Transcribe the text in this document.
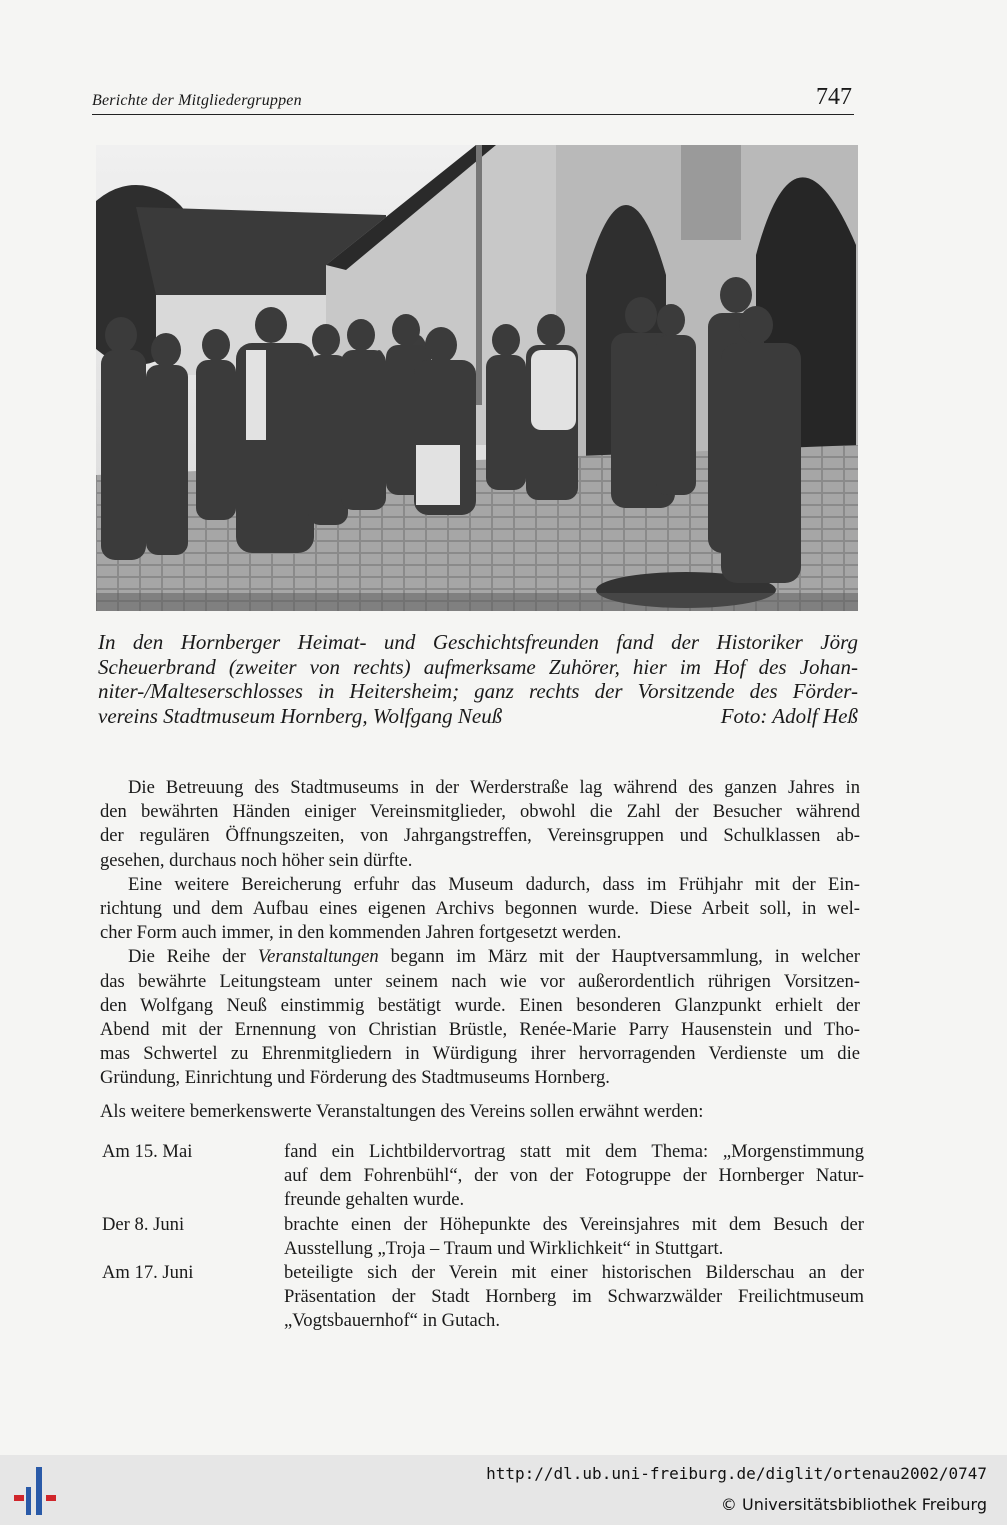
Berichte der Mitgliedergruppen	747
In den Hornberger Heimat- und Geschichtsfreunden fand der Historiker Jörg
Scheuerbrand (zweiter von rechts) aufmerksame Zuhörer, hier im Hof des Johan-
niter-/Malteserschlosses in Heitersheim; ganz rechts der Vorsitzende des Förder-
vereins Stadtmuseum Hornberg, Wolfgang Neuß	Foto: Adolf Heß

Die Betreuung des Stadtmuseums in der Werderstraße lag während des ganzen Jahres in
den bewährten Händen einiger Vereinsmitglieder, obwohl die Zahl der Besucher während
der regulären Öffnungszeiten, von Jahrgangstreffen, Vereinsgruppen und Schulklassen ab-
gesehen, durchaus noch höher sein dürfte.

Eine weitere Bereicherung erfuhr das Museum dadurch, dass im Frühjahr mit der Ein-
richtung und dem Aufbau eines eigenen Archivs begonnen wurde. Diese Arbeit soll, in wel-
cher Form auch immer, in den kommenden Jahren fortgesetzt werden.

Die Reihe der Veranstaltungen begann im März mit der Hauptversammlung, in welcher
das bewährte Leitungsteam unter seinem nach wie vor außerordentlich rührigen Vorsitzen-
den Wolfgang Neuß einstimmig bestätigt wurde. Einen besonderen Glanzpunkt erhielt der
Abend mit der Ernennung von Christian Brüstle, Renée-Marie Parry Hausenstein und Tho-
mas Schwertel zu Ehrenmitgliedern in Würdigung ihrer hervorragenden Verdienste um die
Gründung, Einrichtung und Förderung des Stadtmuseums Hornberg.

Als weitere bemerkenswerte Veranstaltungen des Vereins sollen erwähnt werden:

Am 15. Mai	fand ein Lichtbildervortrag statt mit dem Thema: „Morgenstimmung
auf dem Fohrenbühl“, der von der Fotogruppe der Hornberger Natur-
freunde gehalten wurde.
Der 8. Juni	brachte einen der Höhepunkte des Vereinsjahres mit dem Besuch der
Ausstellung „Troja – Traum und Wirklichkeit“ in Stuttgart.
Am 17. Juni	beteiligte sich der Verein mit einer historischen Bilderschau an der
Präsentation der Stadt Hornberg im Schwarzwälder Freilichtmuseum
„Vogtsbauernhof“ in Gutach.
http://dl.ub.uni-freiburg.de/diglit/ortenau2002/0747
© Universitätsbibliothek Freiburg
